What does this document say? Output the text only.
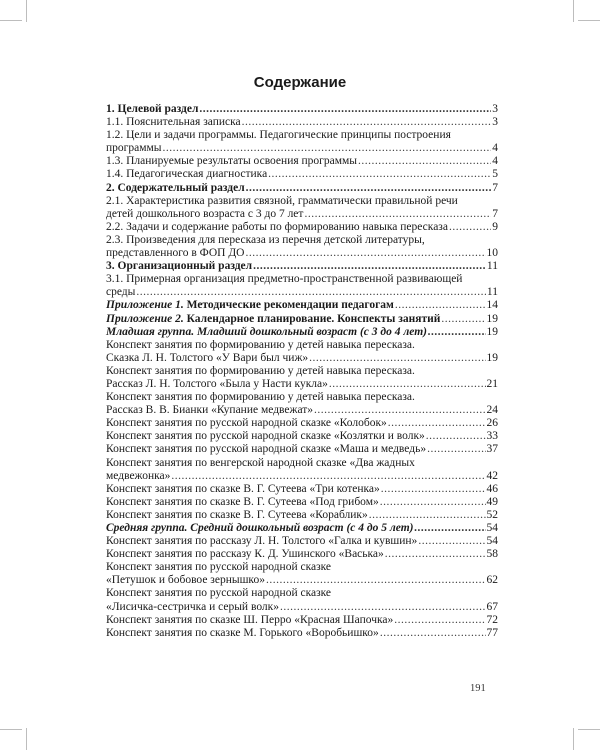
Содержание
1. Целевой раздел .....	3
1.1. Пояснительная записка .....	3
1.2. Цели и задачи программы. Педагогические принципы построения
программы .....	4
1.3. Планируемые результаты освоения программы .....	4
1.4. Педагогическая диагностика .....	5
2. Содержательный раздел .....	7
2.1. Характеристика развития связной, грамматически правильной речи
детей дошкольного возраста с 3 до 7 лет .....	7
2.2. Задачи и содержание работы по формированию навыка пересказа .....	9
2.3. Произведения для пересказа из перечня детской литературы,
представленного в ФОП ДО .....	10
3. Организационный раздел .....	11
3.1. Примерная организация предметно-пространственной развивающей
среды .....	11
Приложение 1. Методические рекомендации педагогам .....	14
Приложение 2. Календарное планирование. Конспекты занятий .....	19
Младшая группа. Младший дошкольный возраст (с 3 до 4 лет) .....	19
Конспект занятия по формированию у детей навыка пересказа.
Сказка Л. Н. Толстого «У Вари был чиж» .....	19
Конспект занятия по формированию у детей навыка пересказа.
Рассказ Л. Н. Толстого «Была у Насти кукла» .....	21
Конспект занятия по формированию у детей навыка пересказа.
Рассказ В. В. Бианки «Купание медвежат» .....	24
Конспект занятия по русской народной сказке «Колобок» .....	26
Конспект занятия по русской народной сказке «Козлятки и волк» .....	33
Конспект занятия по русской народной сказке «Маша и медведь» .....	37
Конспект занятия по венгерской народной сказке «Два жадных
медвежонка» .....	42
Конспект занятия по сказке В. Г. Сутеева «Три котенка» .....	46
Конспект занятия по сказке В. Г. Сутеева «Под грибом» .....	49
Конспект занятия по сказке В. Г. Сутеева «Кораблик» .....	52
Средняя группа. Средний дошкольный возраст (с 4 до 5 лет) .....	54
Конспект занятия по рассказу Л. Н. Толстого «Галка и кувшин» .....	54
Конспект занятия по рассказу К. Д. Ушинского «Васька» .....	58
Конспект занятия по русской народной сказке
«Петушок и бобовое зернышко» .....	62
Конспект занятия по русской народной сказке
«Лисичка-сестричка и серый волк» .....	67
Конспект занятия по сказке Ш. Перро «Красная Шапочка» .....	72
Конспект занятия по сказке М. Горького «Воробьишко» .....	77
191
